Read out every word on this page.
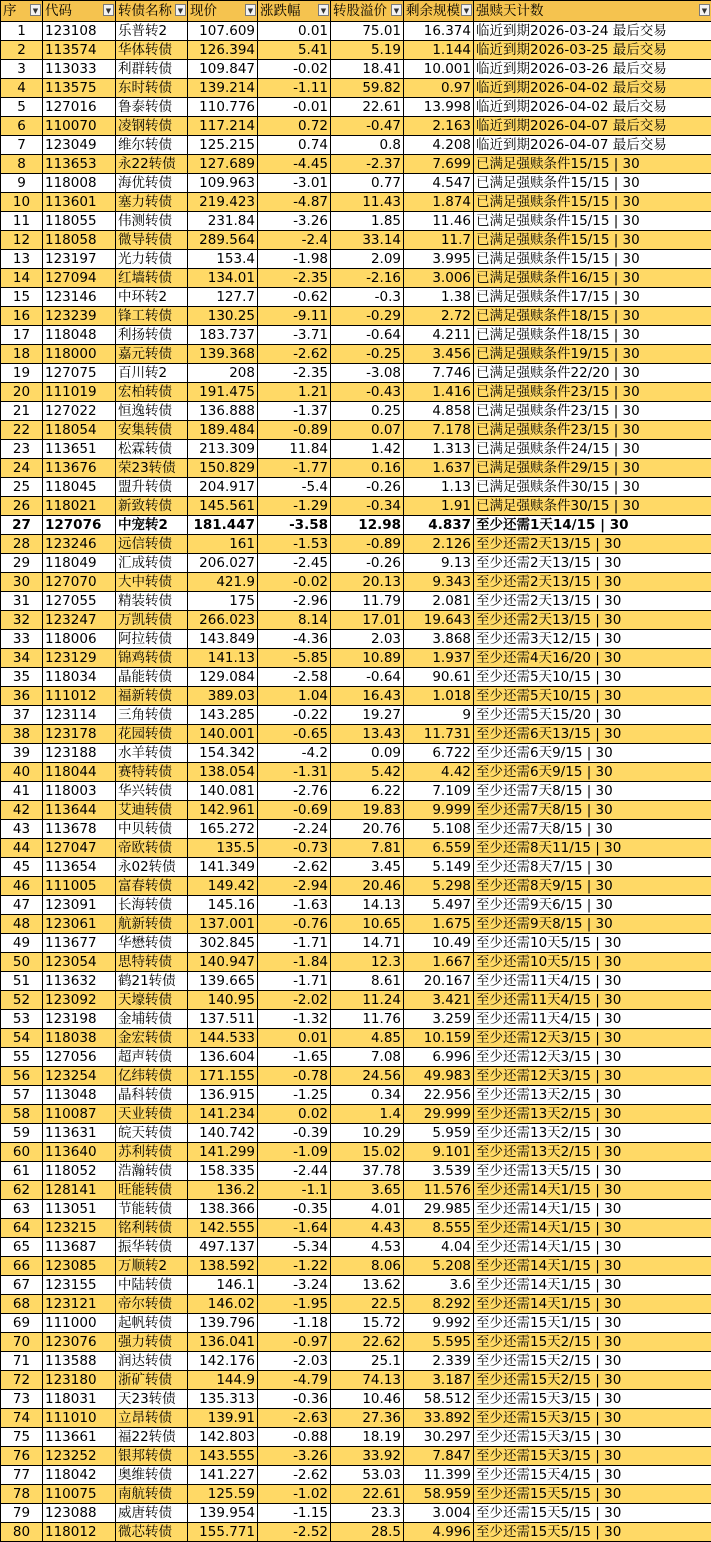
序 ▼	代码 ▼	转债名称 ▼	现价 ▼	涨跌幅 ▼	转股溢价 ▼	剩余规模 ▼	强赎天计数 ▼

1	123108	乐普转2	107.609	0.01	75.01	16.374	临近到期2026-03-24 最后交易
2	113574	华体转债	126.394	5.41	5.19	1.144	临近到期2026-03-25 最后交易
3	113033	利群转债	109.847	-0.02	18.41	10.001	临近到期2026-03-26 最后交易
4	113575	东时转债	139.214	-1.11	59.82	0.97	临近到期2026-04-02 最后交易
5	127016	鲁泰转债	110.776	-0.01	22.61	13.998	临近到期2026-04-02 最后交易
6	110070	凌钢转债	117.214	0.72	-0.47	2.163	临近到期2026-04-07 最后交易
7	123049	维尔转债	125.215	0.74	0.8	4.208	临近到期2026-04-07 最后交易
8	113653	永22转债	127.689	-4.45	-2.37	7.699	已满足强赎条件15/15 | 30
9	118008	海优转债	109.963	-3.01	0.77	4.547	已满足强赎条件15/15 | 30
10	113601	塞力转债	219.423	-4.87	11.43	1.874	已满足强赎条件15/15 | 30
11	118055	伟测转债	231.84	-3.26	1.85	11.46	已满足强赎条件15/15 | 30
12	118058	微导转债	289.564	-2.4	33.14	11.7	已满足强赎条件15/15 | 30
13	123197	光力转债	153.4	-1.98	2.09	3.995	已满足强赎条件15/15 | 30
14	127094	红墙转债	134.01	-2.35	-2.16	3.006	已满足强赎条件16/15 | 30
15	123146	中环转2	127.7	-0.62	-0.3	1.38	已满足强赎条件17/15 | 30
16	123239	锋工转债	130.25	-9.11	-0.29	2.72	已满足强赎条件18/15 | 30
17	118048	利扬转债	183.737	-3.71	-0.64	4.211	已满足强赎条件18/15 | 30
18	118000	嘉元转债	139.368	-2.62	-0.25	3.456	已满足强赎条件19/15 | 30
19	127075	百川转2	208	-2.35	-3.08	7.746	已满足强赎条件22/20 | 30
20	111019	宏柏转债	191.475	1.21	-0.43	1.416	已满足强赎条件23/15 | 30
21	127022	恒逸转债	136.888	-1.37	0.25	4.858	已满足强赎条件23/15 | 30
22	118054	安集转债	189.484	-0.89	0.07	7.178	已满足强赎条件23/15 | 30
23	113651	松霖转债	213.309	11.84	1.42	1.313	已满足强赎条件24/15 | 30
24	113676	荣23转债	150.829	-1.77	0.16	1.637	已满足强赎条件29/15 | 30
25	118045	盟升转债	204.917	-5.4	-0.26	1.13	已满足强赎条件30/15 | 30
26	118021	新致转债	145.561	-1.29	-0.34	1.91	已满足强赎条件30/15 | 30
27	127076	中宠转2	181.447	-3.58	12.98	4.837	至少还需1天14/15 | 30
28	123246	远信转债	161	-1.53	-0.89	2.126	至少还需2天13/15 | 30
29	118049	汇成转债	206.027	-2.45	-0.26	9.13	至少还需2天13/15 | 30
30	127070	大中转债	421.9	-0.02	20.13	9.343	至少还需2天13/15 | 30
31	127055	精装转债	175	-2.96	11.79	2.081	至少还需2天13/15 | 30
32	123247	万凯转债	266.023	8.14	17.01	19.643	至少还需2天13/15 | 30
33	118006	阿拉转债	143.849	-4.36	2.03	3.868	至少还需3天12/15 | 30
34	123129	锦鸡转债	141.13	-5.85	10.89	1.937	至少还需4天16/20 | 30
35	118034	晶能转债	129.084	-2.58	-0.64	90.61	至少还需5天10/15 | 30
36	111012	福新转债	389.03	1.04	16.43	1.018	至少还需5天10/15 | 30
37	123114	三角转债	143.285	-0.22	19.27	9	至少还需5天15/20 | 30
38	123178	花园转债	140.001	-0.65	13.43	11.731	至少还需6天13/15 | 30
39	123188	水羊转债	154.342	-4.2	0.09	6.722	至少还需6天9/15 | 30
40	118044	赛特转债	138.054	-1.31	5.42	4.42	至少还需6天9/15 | 30
41	118003	华兴转债	140.081	-2.76	6.22	7.109	至少还需7天8/15 | 30
42	113644	艾迪转债	142.961	-0.69	19.83	9.999	至少还需7天8/15 | 30
43	113678	中贝转债	165.272	-2.24	20.76	5.108	至少还需7天8/15 | 30
44	127047	帝欧转债	135.5	-0.73	7.81	6.559	至少还需8天11/15 | 30
45	113654	永02转债	141.349	-2.62	3.45	5.149	至少还需8天7/15 | 30
46	111005	富春转债	149.42	-2.94	20.46	5.298	至少还需8天9/15 | 30
47	123091	长海转债	145.16	-1.63	14.13	5.497	至少还需9天6/15 | 30
48	123061	航新转债	137.001	-0.76	10.65	1.675	至少还需9天8/15 | 30
49	113677	华懋转债	302.845	-1.71	14.71	10.49	至少还需10天5/15 | 30
50	123054	思特转债	140.947	-1.84	12.3	1.667	至少还需10天5/15 | 30
51	113632	鹤21转债	139.665	-1.71	8.61	20.167	至少还需11天4/15 | 30
52	123092	天壕转债	140.95	-2.02	11.24	3.421	至少还需11天4/15 | 30
53	123198	金埔转债	137.511	-1.32	11.76	3.259	至少还需11天4/15 | 30
54	118038	金宏转债	144.533	0.01	4.85	10.159	至少还需12天3/15 | 30
55	127056	超声转债	136.604	-1.65	7.08	6.996	至少还需12天3/15 | 30
56	123254	亿纬转债	171.155	-0.78	24.56	49.983	至少还需12天3/15 | 30
57	113048	晶科转债	136.915	-1.25	0.34	22.956	至少还需13天2/15 | 30
58	110087	天业转债	141.234	0.02	1.4	29.999	至少还需13天2/15 | 30
59	113631	皖天转债	140.742	-0.39	10.29	5.959	至少还需13天2/15 | 30
60	113640	苏利转债	141.299	-1.09	15.02	9.101	至少还需13天2/15 | 30
61	118052	浩瀚转债	158.335	-2.44	37.78	3.539	至少还需13天5/15 | 30
62	128141	旺能转债	136.2	-1.1	3.65	11.576	至少还需14天1/15 | 30
63	113051	节能转债	138.366	-0.35	4.01	29.985	至少还需14天1/15 | 30
64	123215	铭利转债	142.555	-1.64	4.43	8.555	至少还需14天1/15 | 30
65	113687	振华转债	497.137	-5.34	4.53	4.04	至少还需14天1/15 | 30
66	123085	万顺转2	138.592	-1.22	8.06	5.208	至少还需14天1/15 | 30
67	123155	中陆转债	146.1	-3.24	13.62	3.6	至少还需14天1/15 | 30
68	123121	帝尔转债	146.02	-1.95	22.5	8.292	至少还需14天1/15 | 30
69	111000	起帆转债	139.796	-1.18	15.72	9.992	至少还需15天1/15 | 30
70	123076	强力转债	136.041	-0.97	22.62	5.595	至少还需15天2/15 | 30
71	113588	润达转债	142.176	-2.03	25.1	2.339	至少还需15天2/15 | 30
72	123180	浙矿转债	144.9	-4.79	74.13	3.187	至少还需15天2/15 | 30
73	118031	天23转债	135.313	-0.36	10.46	58.512	至少还需15天3/15 | 30
74	111010	立昂转债	139.91	-2.63	27.36	33.892	至少还需15天3/15 | 30
75	113661	福22转债	142.803	-0.88	18.19	30.297	至少还需15天3/15 | 30
76	123252	银邦转债	143.555	-3.26	33.92	7.847	至少还需15天3/15 | 30
77	118042	奥维转债	141.227	-2.62	53.03	11.399	至少还需15天4/15 | 30
78	110075	南航转债	125.59	-1.02	22.61	58.959	至少还需15天5/15 | 30
79	123088	威唐转债	139.954	-1.15	23.3	3.004	至少还需15天5/15 | 30
80	118012	微芯转债	155.771	-2.52	28.5	4.996	至少还需15天5/15 | 30
